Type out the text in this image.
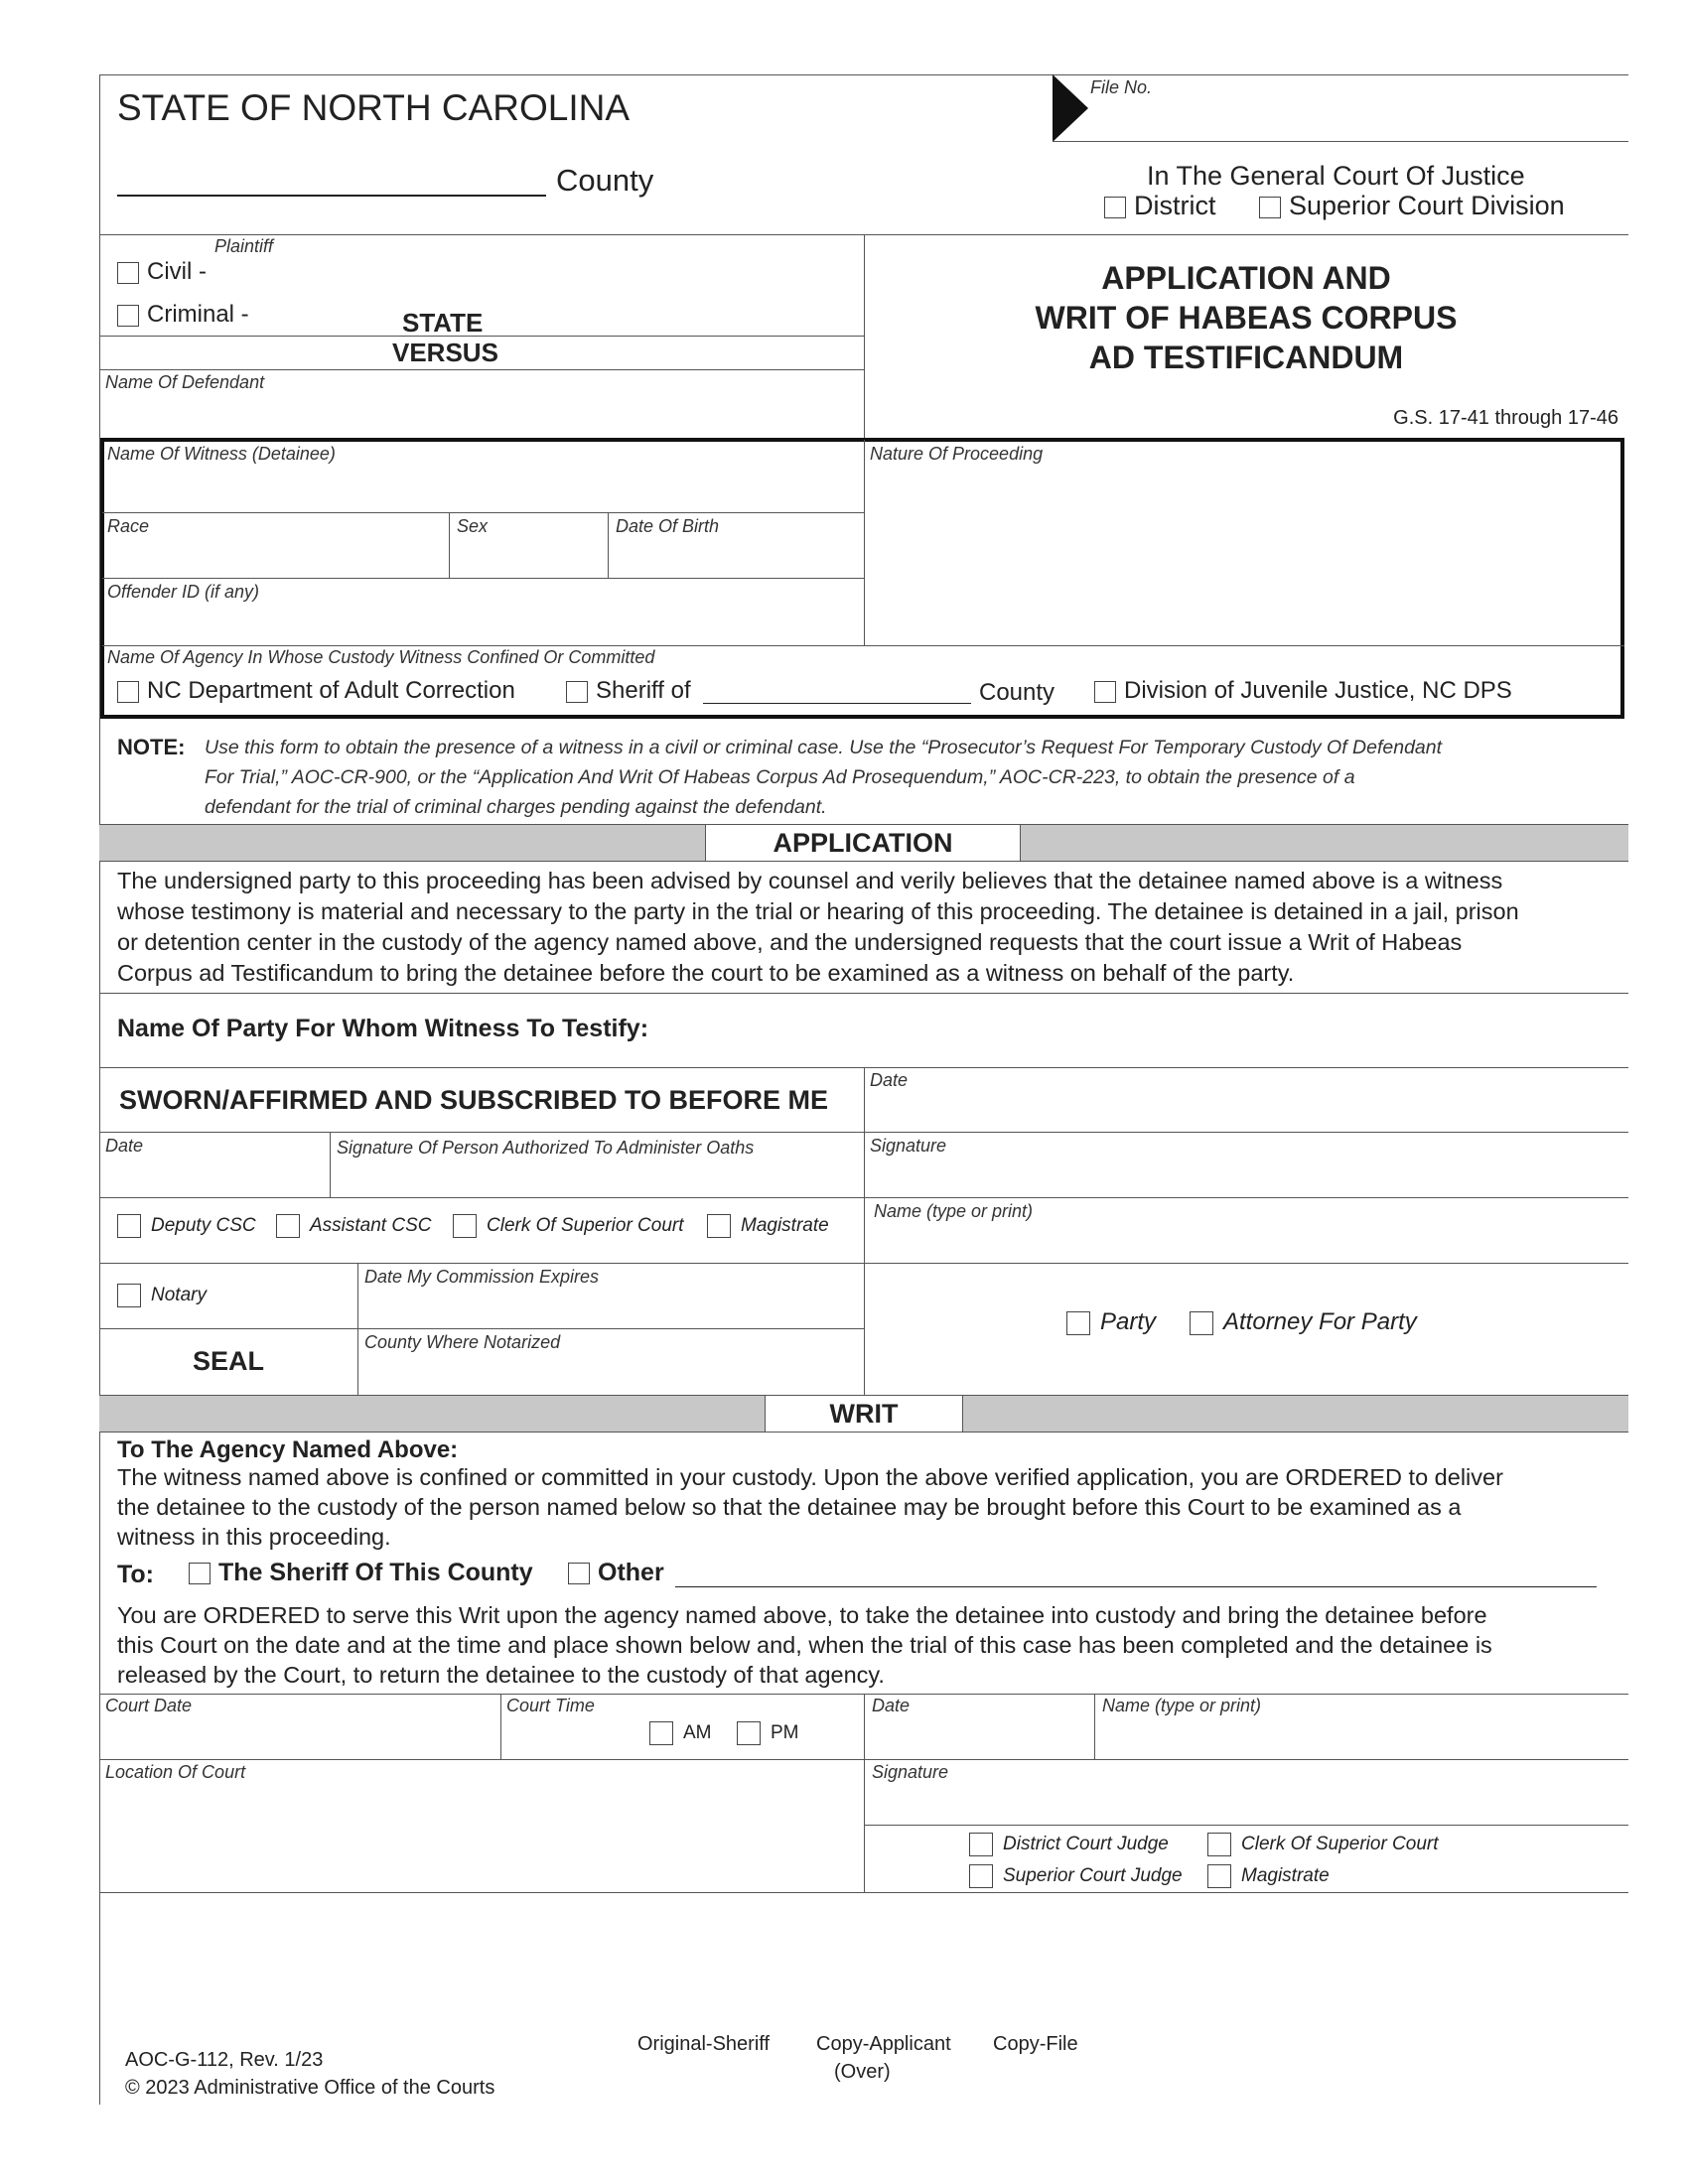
STATE OF NORTH CAROLINA
County
File No.
In The General Court Of Justice
District	Superior Court Division
Plaintiff
Civil -
Criminal -	STATE
VERSUS
Name Of Defendant
APPLICATION AND
WRIT OF HABEAS CORPUS
AD TESTIFICANDUM
G.S. 17-41 through 17-46
Name Of Witness (Detainee)	Nature Of Proceeding
Race	Sex	Date Of Birth
Offender ID (if any)
Name Of Agency In Whose Custody Witness Confined Or Committed
NC Department of Adult Correction	Sheriff of	County	Division of Juvenile Justice, NC DPS
NOTE: Use this form to obtain the presence of a witness in a civil or criminal case. Use the “Prosecutor’s Request For Temporary Custody Of Defendant
For Trial,” AOC-CR-900, or the “Application And Writ Of Habeas Corpus Ad Prosequendum,” AOC-CR-223, to obtain the presence of a
defendant for the trial of criminal charges pending against the defendant.
APPLICATION
The undersigned party to this proceeding has been advised by counsel and verily believes that the detainee named above is a witness
whose testimony is material and necessary to the party in the trial or hearing of this proceeding. The detainee is detained in a jail, prison
or detention center in the custody of the agency named above, and the undersigned requests that the court issue a Writ of Habeas
Corpus ad Testificandum to bring the detainee before the court to be examined as a witness on behalf of the party.
Name Of Party For Whom Witness To Testify:
SWORN/AFFIRMED AND SUBSCRIBED TO BEFORE ME
Date
Date	Signature Of Person Authorized To Administer Oaths	Signature
Deputy CSC	Assistant CSC	Clerk Of Superior Court	Magistrate
Name (type or print)
Notary
Date My Commission Expires
SEAL
County Where Notarized
Party	Attorney For Party
WRIT
To The Agency Named Above:
The witness named above is confined or committed in your custody. Upon the above verified application, you are ORDERED to deliver
the detainee to the custody of the person named below so that the detainee may be brought before this Court to be examined as a
witness in this proceeding.
To:	The Sheriff Of This County	Other
You are ORDERED to serve this Writ upon the agency named above, to take the detainee into custody and bring the detainee before
this Court on the date and at the time and place shown below and, when the trial of this case has been completed and the detainee is
released by the Court, to return the detainee to the custody of that agency.
Court Date	Court Time
AM	PM
Date	Name (type or print)
Location Of Court	Signature
District Court Judge	Clerk Of Superior Court
Superior Court Judge	Magistrate
AOC-G-112, Rev. 1/23
© 2023 Administrative Office of the Courts
Original-Sheriff Copy-Applicant Copy-File
(Over)
